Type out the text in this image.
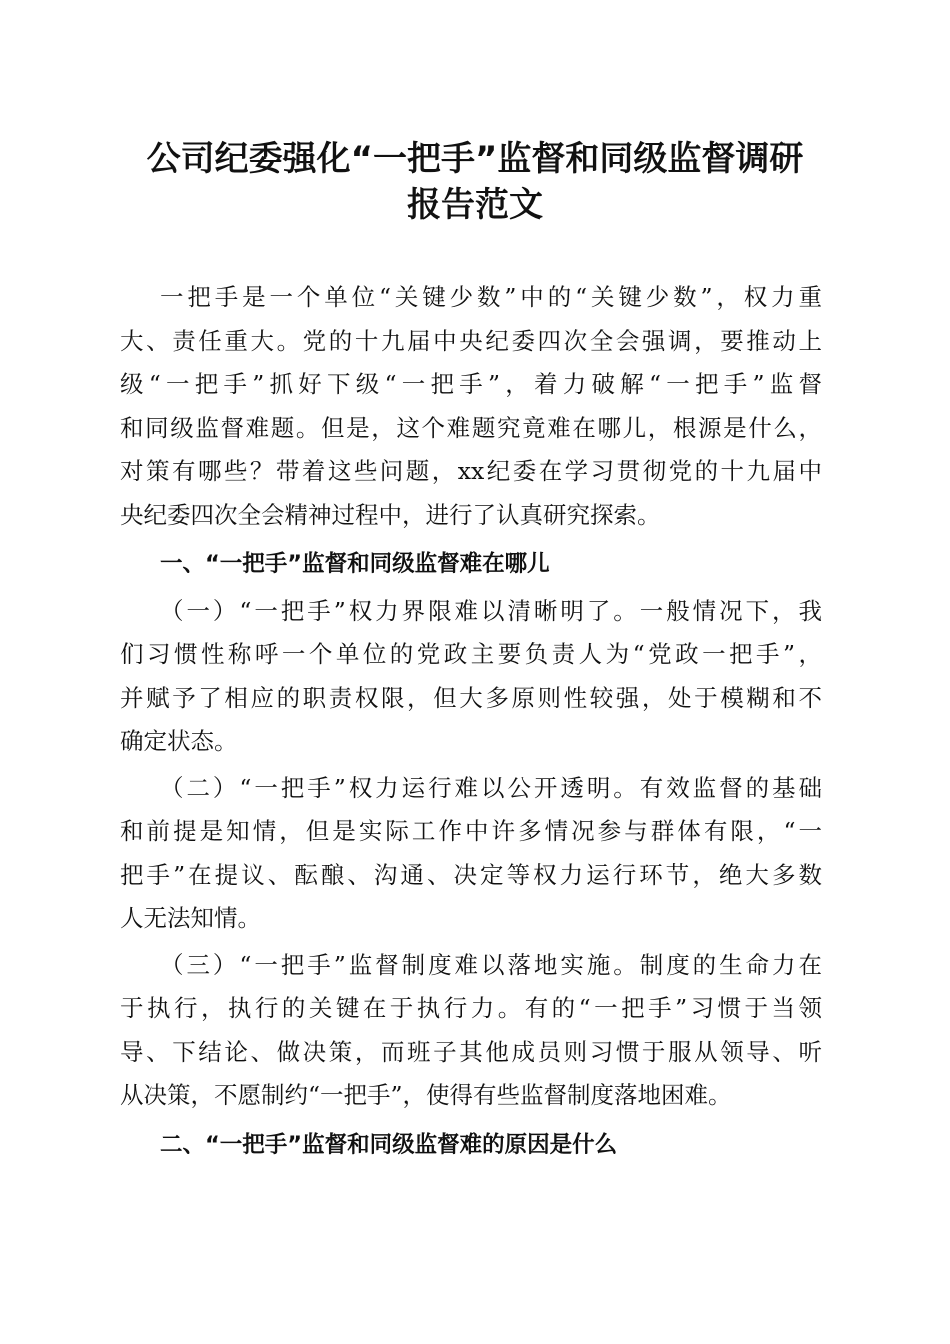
公司纪委强化“一把手”监督和同级监督调研
报告范文
一把手是一个单位“关键少数”中的“关键少数”，权力重
大、责任重大。党的十九届中央纪委四次全会强调，要推动上
级“一把手”抓好下级“一把手”，着力破解“一把手”监督
和同级监督难题。但是，这个难题究竟难在哪儿，根源是什么，
对策有哪些？带着这些问题，xx纪委在学习贯彻党的十九届中
央纪委四次全会精神过程中，进行了认真研究探索。
一、“一把手”监督和同级监督难在哪儿
（一）“一把手”权力界限难以清晰明了。一般情况下，我
们习惯性称呼一个单位的党政主要负责人为“党政一把手”，
并赋予了相应的职责权限，但大多原则性较强，处于模糊和不
确定状态。
（二）“一把手”权力运行难以公开透明。有效监督的基础
和前提是知情，但是实际工作中许多情况参与群体有限，“一
把手”在提议、酝酿、沟通、决定等权力运行环节，绝大多数
人无法知情。
（三）“一把手”监督制度难以落地实施。制度的生命力在
于执行，执行的关键在于执行力。有的“一把手”习惯于当领
导、下结论、做决策，而班子其他成员则习惯于服从领导、听
从决策，不愿制约“一把手”，使得有些监督制度落地困难。
二、“一把手”监督和同级监督难的原因是什么
